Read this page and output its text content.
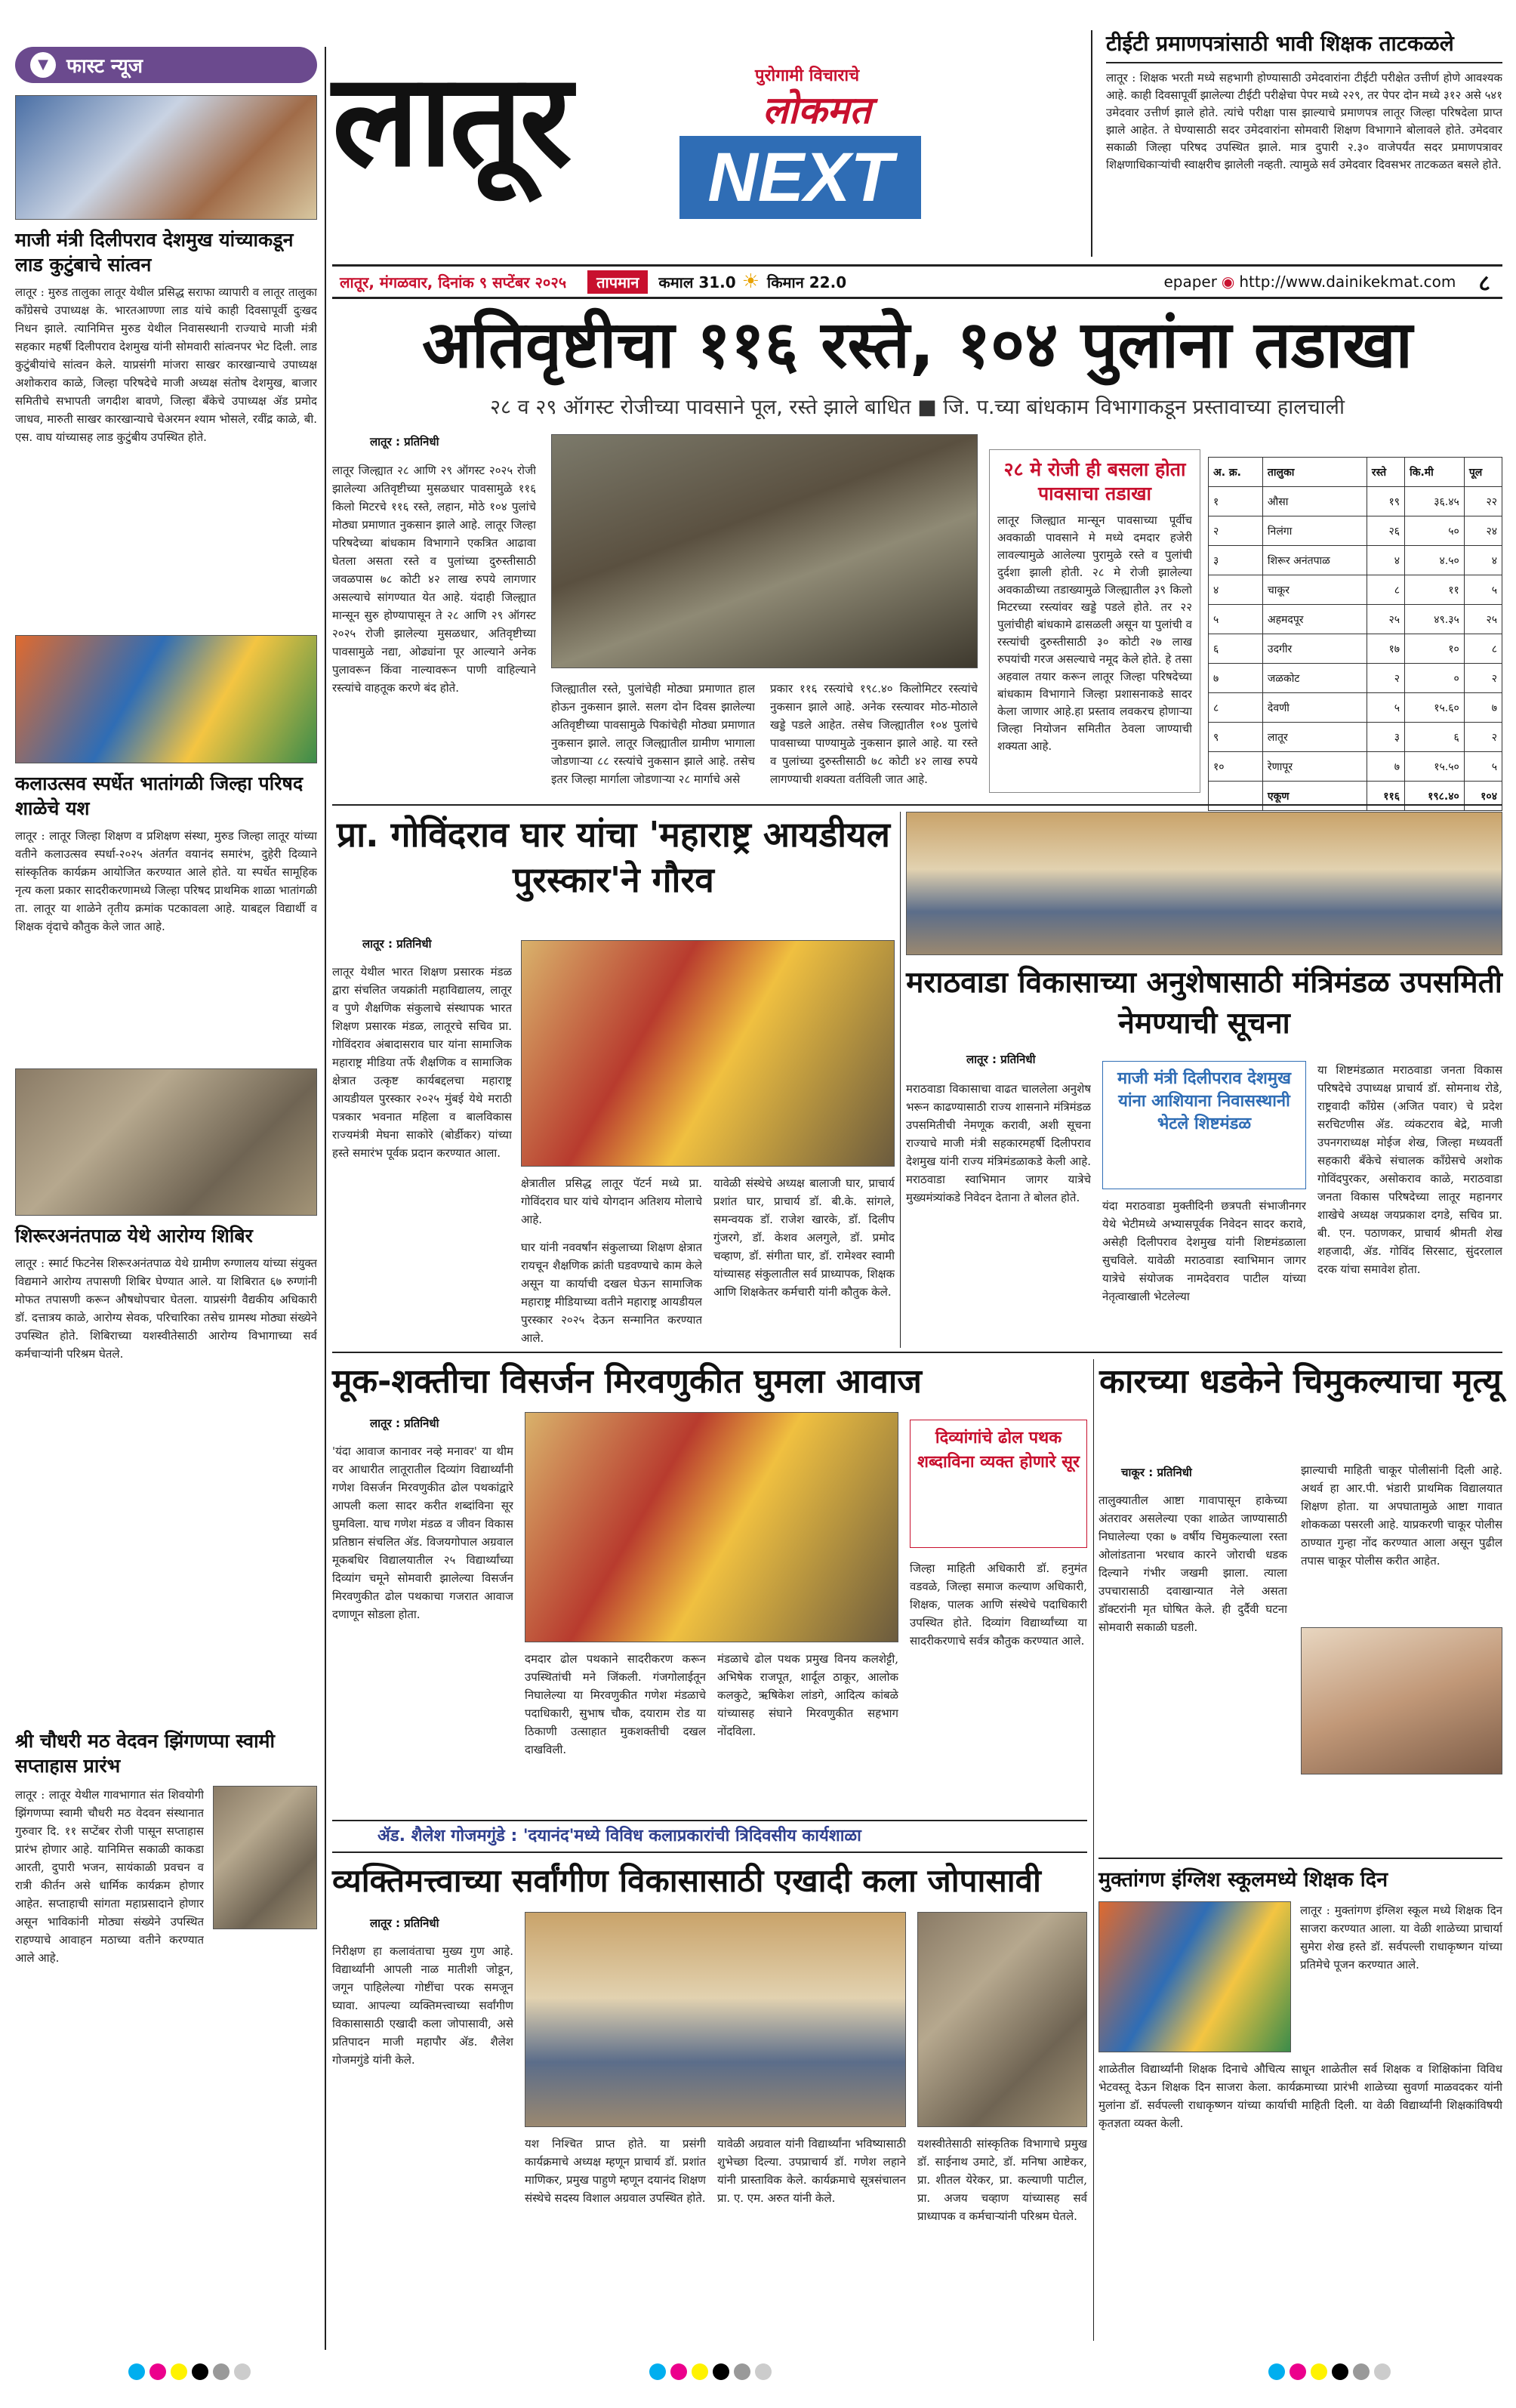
▼ फास्ट न्यूज
माजी मंत्री दिलीपराव देशमुख यांच्याकडून लाड कुटुंबाचे सांत्वन
लातूर : मुरुड तालुका लातूर येथील प्रसिद्ध सराफा व्यापारी व लातूर तालुका काँग्रेसचे उपाध्यक्ष के. भारतआण्णा लाड यांचे काही दिवसापूर्वी दुःखद निधन झाले. त्यानिमित्त मुरुड येथील निवासस्थानी राज्याचे माजी मंत्री सहकार महर्षी दिलीपराव देशमुख यांनी सोमवारी सांत्वनपर भेट दिली. लाड कुटुंबीयांचे सांत्वन केले. याप्रसंगी मांजरा साखर कारखान्याचे उपाध्यक्ष अशोकराव काळे, जिल्हा परिषदेचे माजी अध्यक्ष संतोष देशमुख, बाजार समितीचे सभापती जगदीश बावणे, जिल्हा बँकेचे उपाध्यक्ष ॲड प्रमोद जाधव, मारुती साखर कारखान्याचे चेअरमन श्याम भोसले, रवींद्र काळे, बी. एस. वाघ यांच्यासह लाड कुटुंबीय उपस्थित होते.
कलाउत्सव स्पर्धेत भातांगळी जिल्हा परिषद शाळेचे यश
लातूर : लातूर जिल्हा शिक्षण व प्रशिक्षण संस्था, मुरुड जिल्हा लातूर यांच्या वतीने कलाउत्सव स्पर्धा-२०२५ अंतर्गत वयानंद समारंभ, दुहेरी दिव्याने सांस्कृतिक कार्यक्रम आयोजित करण्यात आले होते. या स्पर्धेत सामूहिक नृत्य कला प्रकार सादरीकरणामध्ये जिल्हा परिषद प्राथमिक शाळा भातांगळी ता. लातूर या शाळेने तृतीय क्रमांक पटकावला आहे. याबद्दल विद्यार्थी व शिक्षक वृंदाचे कौतुक केले जात आहे.
शिरूरअनंतपाळ येथे आरोग्य शिबिर
लातूर : स्मार्ट फिटनेस शिरूरअनंतपाळ येथे ग्रामीण रुग्णालय यांच्या संयुक्त विद्यमाने आरोग्य तपासणी शिबिर घेण्यात आले. या शिबिरात ६७ रुग्णांनी मोफत तपासणी करून औषधोपचार घेतला. याप्रसंगी वैद्यकीय अधिकारी डॉ. दत्तात्रय काळे, आरोग्य सेवक, परिचारिका तसेच ग्रामस्थ मोठ्या संख्येने उपस्थित होते. शिबिराच्या यशस्वीतेसाठी आरोग्य विभागाच्या सर्व कर्मचाऱ्यांनी परिश्रम घेतले.
श्री चौधरी मठ वेदवन झिंगणप्पा स्वामी सप्ताहास प्रारंभ
लातूर : लातूर येथील गावभागात संत शिवयोगी झिंगणप्पा स्वामी चौधरी मठ वेदवन संस्थानात गुरुवार दि. ११ सप्टेंबर रोजी पासून सप्ताहास प्रारंभ होणार आहे. यानिमित्त सकाळी काकडा आरती, दुपारी भजन, सायंकाळी प्रवचन व रात्री कीर्तन असे धार्मिक कार्यक्रम होणार आहेत. सप्ताहाची सांगता महाप्रसादाने होणार असून भाविकांनी मोठ्या संख्येने उपस्थित राहण्याचे आवाहन मठाच्या वतीने करण्यात आले आहे.
लातूर	पुरोगामी विचाराचे
लोकमत
NEXT
टीईटी प्रमाणपत्रांसाठी भावी शिक्षक ताटकळले
लातूर : शिक्षक भरती मध्ये सहभागी होण्यासाठी उमेदवारांना टीईटी परीक्षेत उत्तीर्ण होणे आवश्यक आहे. काही दिवसापूर्वी झालेल्या टीईटी परीक्षेचा पेपर मध्ये २२९, तर पेपर दोन मध्ये ३१२ असे ५४१ उमेदवार उत्तीर्ण झाले होते. त्यांचे परीक्षा पास झाल्याचे प्रमाणपत्र लातूर जिल्हा परिषदेला प्राप्त झाले आहेत. ते घेण्यासाठी सदर उमेदवारांना सोमवारी शिक्षण विभागाने बोलावले होते. उमेदवार सकाळी जिल्हा परिषद उपस्थित झाले. मात्र दुपारी २.३० वाजेपर्यंत सदर प्रमाणपत्रावर शिक्षणाधिकाऱ्यांची स्वाक्षरीच झालेली नव्हती. त्यामुळे सर्व उमेदवार दिवसभर ताटकळत बसले होते.
लातूर, मंगळवार, दिनांक ९ सप्टेंबर २०२५	तापमान	कमाल 31.0 ☀ किमान 22.0	epaper ◉ http://www.dainikekmat.com ८
अतिवृष्टीचा ११६ रस्ते, १०४ पुलांना तडाखा
२८ व २९ ऑगस्ट रोजीच्या पावसाने पूल, रस्ते झाले बाधित ■ जि. प.च्या बांधकाम विभागाकडून प्रस्तावाच्या हालचाली
लातूर : प्रतिनिधी
लातूर जिल्ह्यात २८ आणि २९ ऑगस्ट २०२५ रोजी झालेल्या अतिवृष्टीच्या मुसळधार पावसामुळे ११६ किलो मिटरचे ११६ रस्ते, लहान, मोठे १०४ पुलांचे मोठ्या प्रमाणात नुकसान झाले आहे. लातूर जिल्हा परिषदेच्या बांधकाम विभागाने एकत्रित आढावा घेतला असता रस्ते व पुलांच्या दुरुस्तीसाठी जवळपास ७८ कोटी ४२ लाख रुपये लागणार असल्याचे सांगण्यात येत आहे. यंदाही जिल्ह्यात मान्सून सुरु होण्यापासून ते २८ आणि २९ ऑगस्ट २०२५ रोजी झालेल्या मुसळधार, अतिवृष्टीच्या पावसामुळे नद्या, ओढ्यांना पूर आल्याने अनेक पुलावरून किंवा नाल्यावरून पाणी वाहिल्याने रस्त्यांचे वाहतूक करणे बंद होते.	जिल्ह्यातील रस्ते, पुलांचेही मोठ्या प्रमाणात हाल होऊन नुकसान झाले. सलग दोन दिवस झालेल्या अतिवृष्टीच्या पावसामुळे पिकांचेही मोठ्या प्रमाणात नुकसान झाले. लातूर जिल्ह्यातील ग्रामीण भागाला जोडणाऱ्या ८८ रस्त्यांचे नुकसान झाले आहे. तसेच इतर जिल्हा मार्गाला जोडणाऱ्या २८ मार्गाचे असे
प्रकार ११६ रस्त्यांचे १९८.४० किलोमिटर रस्त्यांचे नुकसान झाले आहे. अनेक रस्त्यावर मोठ-मोठाले खड्डे पडले आहेत. तसेच जिल्ह्यातील १०४ पुलांचे पावसाच्या पाण्यामुळे नुकसान झाले आहे. या रस्ते व पुलांच्या दुरुस्तीसाठी ७८ कोटी ४२ लाख रुपये लागण्याची शक्यता वर्तविली जात आहे.
२८ मे रोजी ही बसला होता पावसाचा तडाखा
लातूर जिल्ह्यात मान्सून पावसाच्या पूर्वीच अवकाळी पावसाने मे मध्ये दमदार हजेरी लावल्यामुळे आलेल्या पुरामुळे रस्ते व पुलांची दुर्दशा झाली होती. २८ मे रोजी झालेल्या अवकाळीच्या तडाख्यामुळे जिल्ह्यातील ३९ किलो मिटरच्या रस्त्यांवर खड्डे पडले होते. तर २२ पुलांचीही बांधकामे ढासळली असून या पुलांची व रस्त्यांची दुरुस्तीसाठी ३० कोटी २७ लाख रुपयांची गरज असल्याचे नमूद केले होते. हे तसा अहवाल तयार करून लातूर जिल्हा परिषदेच्या बांधकाम विभागाने जिल्हा प्रशासनाकडे सादर केला जाणार आहे.हा प्रस्ताव लवकरच होणाऱ्या जिल्हा नियोजन समितीत ठेवला जाण्याची शक्यता आहे.
अ. क्र.	तालुका	रस्ते	कि.मी	पूल
१	औसा	१९	३६.४५	२२
२	निलंगा	२६	५०	२४
३	शिरूर अनंतपाळ	४	४.५०	४
४	चाकूर	८	११	५
५	अहमदपूर	२५	४९.३५	२५
६	उदगीर	१७	१०	८
७	जळकोट	२	०	२
८	देवणी	५	१५.६०	७
९	लातूर	३	६	२
१०	रेणापूर	७	१५.५०	५
	एकूण	११६	१९८.४०	१०४
प्रा. गोविंदराव घार यांचा 'महाराष्ट्र आयडीयल पुरस्कार'ने गौरव
लातूर : प्रतिनिधी
लातूर येथील भारत शिक्षण प्रसारक मंडळ द्वारा संचलित जयक्रांती महाविद्यालय, लातूर व पुणे शैक्षणिक संकुलाचे संस्थापक भारत शिक्षण प्रसारक मंडळ, लातूरचे सचिव प्रा. गोविंदराव अंबादासराव घार यांना सामाजिक महाराष्ट्र मीडिया तर्फे शैक्षणिक व सामाजिक क्षेत्रात उत्कृष्ट कार्यबद्दलचा महाराष्ट्र आयडीयल पुरस्कार २०२५ मुंबई येथे मराठी पत्रकार भवनात महिला व बालविकास राज्यमंत्री मेघना साकोरे (बोर्डीकर) यांच्या हस्ते समारंभ पूर्वक प्रदान करण्यात आला.
क्षेत्रातील प्रसिद्ध लातूर पॅटर्न मध्ये प्रा. गोविंदराव घार यांचे योगदान अतिशय मोलाचे आहे.
घार यांनी नववर्षांन संकुलाच्या शिक्षण क्षेत्रात रायचून शैक्षणिक क्रांती घडवण्याचे काम केले असून या कार्याची दखल घेऊन सामाजिक महाराष्ट्र मीडियाच्या वतीने महाराष्ट्र आयडीयल पुरस्कार २०२५ देऊन सन्मानित करण्यात आले.
यावेळी संस्थेचे अध्यक्ष बालाजी घार, प्राचार्य प्रशांत घार, प्राचार्य डॉ. बी.के. सांगले, समन्वयक डॉ. राजेश खारके, डॉ. दिलीप गुंजरगे, डॉ. केशव अलगुले, डॉ. प्रमोद चव्हाण, डॉ. संगीता घार, डॉ. रामेश्वर स्वामी यांच्यासह संकुलातील सर्व प्राध्यापक, शिक्षक आणि शिक्षकेतर कर्मचारी यांनी कौतुक केले.
मराठवाडा विकासाच्या अनुशेषासाठी मंत्रिमंडळ उपसमिती नेमण्याची सूचना
लातूर : प्रतिनिधी
मराठवाडा विकासाचा वाढत चाललेला अनुशेष भरून काढण्यासाठी राज्य शासनाने मंत्रिमंडळ उपसमितीची नेमणूक करावी, अशी सूचना राज्याचे माजी मंत्री सहकारमहर्षी दिलीपराव देशमुख यांनी राज्य मंत्रिमंडळाकडे केली आहे. मराठवाडा स्वाभिमान जागर यात्रेचे मुख्यमंत्र्यांकडे निवेदन देताना ते बोलत होते.
माजी मंत्री दिलीपराव देशमुख यांना आशियाना निवासस्थानी भेटले शिष्टमंडळ
यंदा मराठवाडा मुक्तीदिनी छत्रपती संभाजीनगर येथे भेटीमध्ये अभ्यासपूर्वक निवेदन सादर करावे, असेही दिलीपराव देशमुख यांनी शिष्टमंडळाला सुचविले. यावेळी मराठवाडा स्वाभिमान जागर यात्रेचे संयोजक नामदेवराव पाटील यांच्या नेतृत्वाखाली भेटलेल्या
या शिष्टमंडळात मराठवाडा जनता विकास परिषदेचे उपाध्यक्ष प्राचार्य डॉ. सोमनाथ रोडे, राष्ट्रवादी काँग्रेस (अजित पवार) चे प्रदेश सरचिटणीस ॲड. व्यंकटराव बेद्रे, माजी उपनगराध्यक्ष मोईज शेख, जिल्हा मध्यवर्ती सहकारी बँकेचे संचालक काँग्रेसचे अशोक गोविंदपुरकर, असोकराव काळे, मराठवाडा जनता विकास परिषदेच्या लातूर महानगर शाखेचे अध्यक्ष जयप्रकाश दगडे, सचिव प्रा. बी. एन. पठाणकर, प्राचार्य श्रीमती शेख शहजादी, ॲड. गोविंद सिरसाट, सुंदरलाल दरक यांचा समावेश होता.
मूक-शक्तीचा विसर्जन मिरवणुकीत घुमला आवाज
लातूर : प्रतिनिधी
'यंदा आवाज कानावर नव्हे मनावर' या थीम वर आधारीत लातूरातील दिव्यांग विद्यार्थ्यांनी गणेश विसर्जन मिरवणुकीत ढोल पथकांद्वारे आपली कला सादर करीत शब्दांविना सूर घुमविला. याच गणेश मंडळ व जीवन विकास प्रतिष्ठान संचलित ॲड. विजयगोपाल अग्रवाल मूकबधिर विद्यालयातील २५ विद्यार्थ्यांच्या दिव्यांग चमूने सोमवारी झालेल्या विसर्जन मिरवणुकीत ढोल पथकाचा गजरात आवाज दणाणून सोडला होता.
दमदार ढोल पथकाने सादरीकरण करून उपस्थितांची मने जिंकली. गंजगोलाईतून निघालेल्या या मिरवणुकीत गणेश मंडळाचे पदाधिकारी, सुभाष चौक, दयाराम रोड या ठिकाणी उत्साहात मुकशक्तीची दखल दाखविली.
मंडळाचे ढोल पथक प्रमुख विनय कलशेट्टी, अभिषेक राजपूत, शार्दूल ठाकूर, आलोक कलकुटे, ऋषिकेश लांडगे, आदित्य कांबळे यांच्यासह संघाने मिरवणुकीत सहभाग नोंदविला.
दिव्यांगांचे ढोल पथक शब्दाविना व्यक्त होणारे सूर
जिल्हा माहिती अधिकारी डॉ. हनुमंत वडवळे, जिल्हा समाज कल्याण अधिकारी, शिक्षक, पालक आणि संस्थेचे पदाधिकारी उपस्थित होते. दिव्यांग विद्यार्थ्यांच्या या सादरीकरणाचे सर्वत्र कौतुक करण्यात आले.
कारच्या धडकेने चिमुकल्याचा मृत्यू
चाकूर : प्रतिनिधी
तालुक्यातील आष्टा गावापासून हाकेच्या अंतरावर असलेल्या एका शाळेत जाण्यासाठी निघालेल्या एका ७ वर्षीय चिमुकल्याला रस्ता ओलांडताना भरधाव कारने जोराची धडक दिल्याने गंभीर जखमी झाला. त्याला उपचारासाठी दवाखान्यात नेले असता डॉक्टरांनी मृत घोषित केले. ही दुर्दैवी घटना सोमवारी सकाळी घडली.
झाल्याची माहिती चाकूर पोलीसांनी दिली आहे. अथर्व हा आर.पी. भंडारी प्राथमिक विद्यालयात शिक्षण होता. या अपघातामुळे आष्टा गावात शोककळा पसरली आहे. याप्रकरणी चाकूर पोलीस ठाण्यात गुन्हा नोंद करण्यात आला असून पुढील तपास चाकूर पोलीस करीत आहेत.
ॲड. शैलेश गोजमगुंडे : 'दयानंद'मध्ये विविध कलाप्रकारांची त्रिदिवसीय कार्यशाळा
व्यक्तिमत्त्वाच्या सर्वांगीण विकासासाठी एखादी कला जोपासावी
लातूर : प्रतिनिधी
निरीक्षण हा कलावंताचा मुख्य गुण आहे. विद्यार्थ्यांनी आपली नाळ मातीशी जोडून, जगून पाहिलेल्या गोष्टींचा परक समजून घ्यावा. आपल्या व्यक्तिमत्त्वाच्या सर्वांगीण विकासासाठी एखादी कला जोपासावी, असे प्रतिपादन माजी महापौर ॲड. शैलेश गोजमगुंडे यांनी केले.
यश निश्चित प्राप्त होते. या प्रसंगी कार्यक्रमाचे अध्यक्ष म्हणून प्राचार्य डॉ. प्रशांत माणिकर, प्रमुख पाहुणे म्हणून दयानंद शिक्षण संस्थेचे सदस्य विशाल अग्रवाल उपस्थित होते.
यावेळी अग्रवाल यांनी विद्यार्थ्यांना भविष्यासाठी शुभेच्छा दिल्या. उपप्राचार्य डॉ. गणेश लहाने यांनी प्रास्ताविक केले. कार्यक्रमाचे सूत्रसंचालन प्रा. ए. एम. अरुत यांनी केले.
यशस्वीतेसाठी सांस्कृतिक विभागाचे प्रमुख डॉ. साईनाथ उमाटे, डॉ. मनिषा आष्टेकर, प्रा. शीतल येरेकर, प्रा. कल्याणी पाटील, प्रा. अजय चव्हाण यांच्यासह सर्व प्राध्यापक व कर्मचाऱ्यांनी परिश्रम घेतले.
मुक्तांगण इंग्लिश स्कूलमध्ये शिक्षक दिन
लातूर : मुक्तांगण इंग्लिश स्कूल मध्ये शिक्षक दिन साजरा करण्यात आला. या वेळी शाळेच्या प्राचार्या सुमेरा शेख हस्ते डॉ. सर्वपल्ली राधाकृष्णन यांच्या प्रतिमेचे पूजन करण्यात आले.
शाळेतील विद्यार्थ्यांनी शिक्षक दिनाचे औचित्य साधून शाळेतील सर्व शिक्षक व शिक्षिकांना विविध भेटवस्तू देऊन शिक्षक दिन साजरा केला. कार्यक्रमाच्या प्रारंभी शाळेच्या सुवर्णा माळवदकर यांनी मुलांना डॉ. सर्वपल्ली राधाकृष्णन यांच्या कार्याची माहिती दिली. या वेळी विद्यार्थ्यांनी शिक्षकांविषयी कृतज्ञता व्यक्त केली.
